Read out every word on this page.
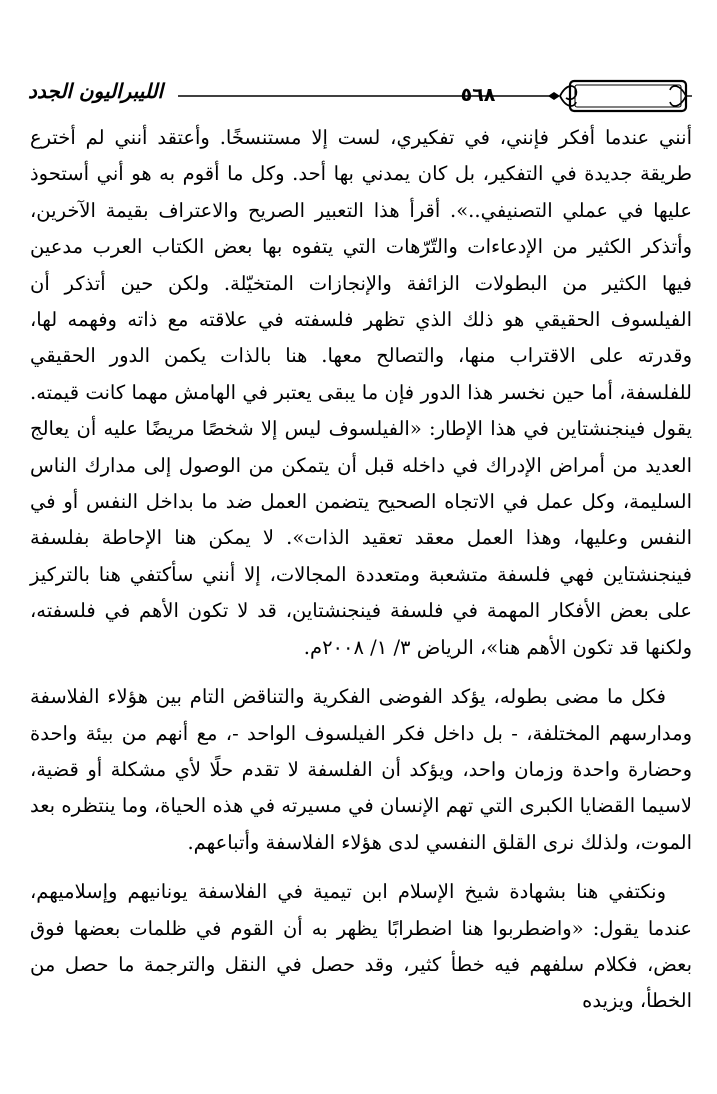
الليبراليون الجدد	٥٦٨

أنني عندما أفكر فإنني، في تفكيري، لست إلا مستنسخًا. وأعتقد أنني لم أخترع طريقة جديدة في التفكير، بل كان يمدني بها أحد. وكل ما أقوم به هو أني أستحوذ عليها في عملي التصنيفي..». أقرأ هذا التعبير الصريح والاعتراف بقيمة الآخرين، وأتذكر الكثير من الإدعاءات والتّرّهات التي يتفوه بها بعض الكتاب العرب مدعين فيها الكثير من البطولات الزائفة والإنجازات المتخيّلة. ولكن حين أتذكر أن الفيلسوف الحقيقي هو ذلك الذي تظهر فلسفته في علاقته مع ذاته وفهمه لها، وقدرته على الاقتراب منها، والتصالح معها. هنا بالذات يكمن الدور الحقيقي للفلسفة، أما حين نخسر هذا الدور فإن ما يبقى يعتبر في الهامش مهما كانت قيمته. يقول فينجنشتاين في هذا الإطار: «الفيلسوف ليس إلا شخصًا مريضًا عليه أن يعالج العديد من أمراض الإدراك في داخله قبل أن يتمكن من الوصول إلى مدارك الناس السليمة، وكل عمل في الاتجاه الصحيح يتضمن العمل ضد ما بداخل النفس أو في النفس وعليها، وهذا العمل معقد تعقيد الذات». لا يمكن هنا الإحاطة بفلسفة فينجنشتاين فهي فلسفة متشعبة ومتعددة المجالات، إلا أنني سأكتفي هنا بالتركيز على بعض الأفكار المهمة في فلسفة فينجنشتاين، قد لا تكون الأهم في فلسفته، ولكنها قد تكون الأهم هنا»، الرياض ٣/ ١/ ٢٠٠٨م.

فكل ما مضى بطوله، يؤكد الفوضى الفكرية والتناقض التام بين هؤلاء الفلاسفة ومدارسهم المختلفة، - بل داخل فكر الفيلسوف الواحد -، مع أنهم من بيئة واحدة وحضارة واحدة وزمان واحد، ويؤكد أن الفلسفة لا تقدم حلًا لأي مشكلة أو قضية، لاسيما القضايا الكبرى التي تهم الإنسان في مسيرته في هذه الحياة، وما ينتظره بعد الموت، ولذلك نرى القلق النفسي لدى هؤلاء الفلاسفة وأتباعهم.

ونكتفي هنا بشهادة شيخ الإسلام ابن تيمية في الفلاسفة يونانيهم وإسلاميهم، عندما يقول: «واضطربوا هنا اضطرابًا يظهر به أن القوم في ظلمات بعضها فوق بعض، فكلام سلفهم فيه خطأ كثير، وقد حصل في النقل والترجمة ما حصل من الخطأ، ويزيده
